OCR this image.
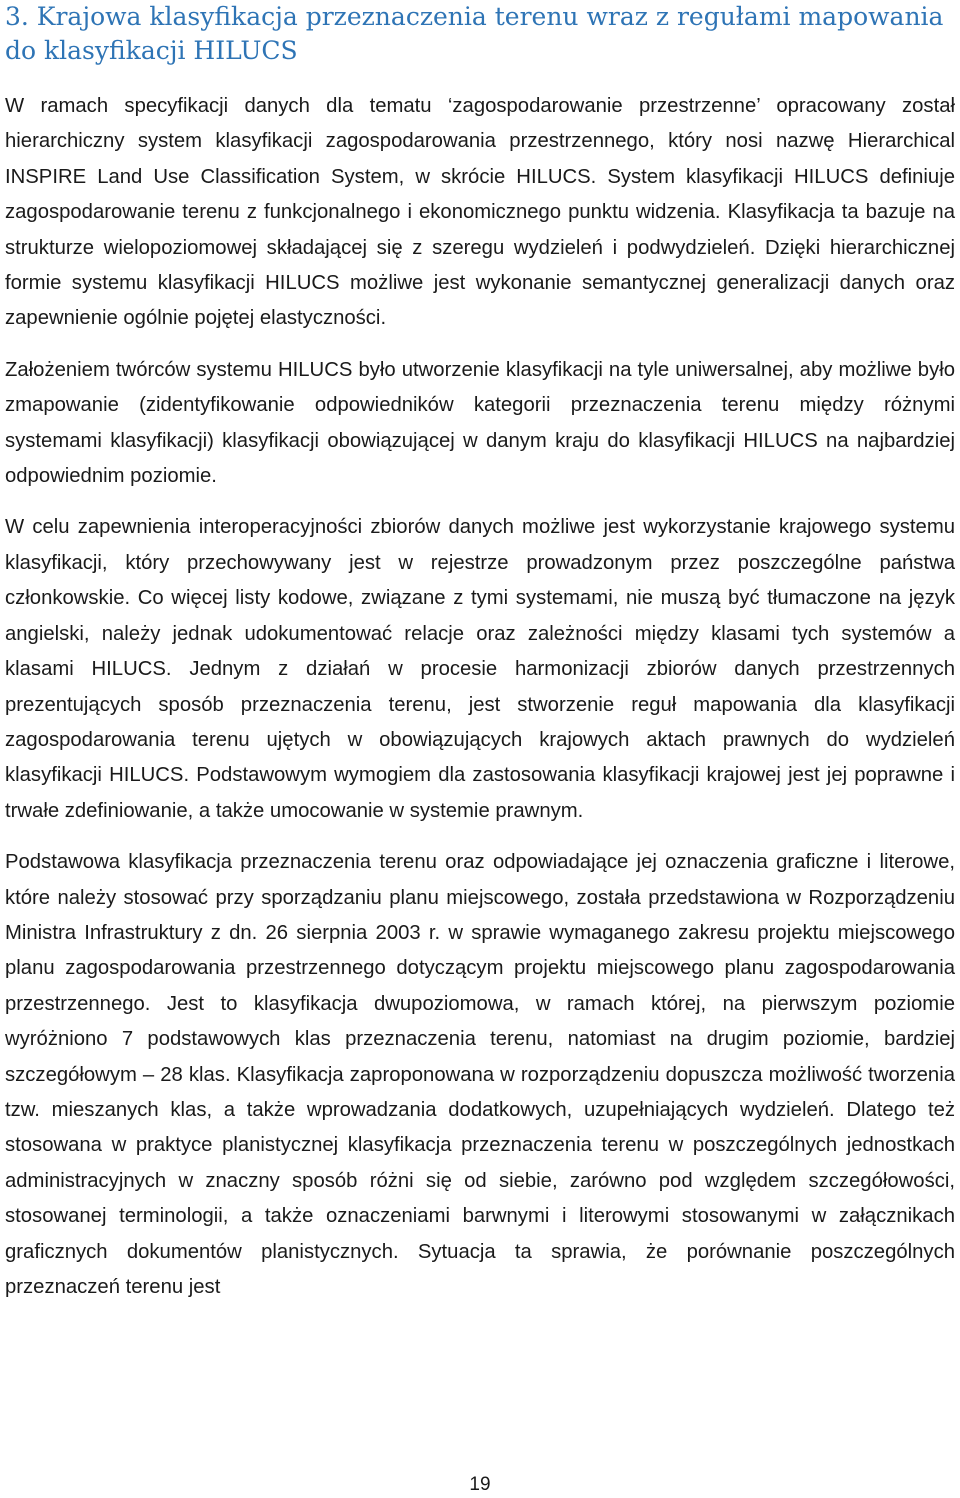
3. Krajowa klasyfikacja przeznaczenia terenu wraz z regułami mapowania do klasyfikacji HILUCS

W ramach specyfikacji danych dla tematu ‘zagospodarowanie przestrzenne’ opracowany został hierarchiczny system klasyfikacji zagospodarowania przestrzennego, który nosi nazwę Hierarchical INSPIRE Land Use Classification System, w skrócie HILUCS. System klasyfikacji HILUCS definiuje zagospodarowanie terenu z funkcjonalnego i ekonomicznego punktu widzenia. Klasyfikacja ta bazuje na strukturze wielopoziomowej składającej się z szeregu wydzieleń i podwydzieleń. Dzięki hierarchicznej formie systemu klasyfikacji HILUCS możliwe jest wykonanie semantycznej generalizacji danych oraz zapewnienie ogólnie pojętej elastyczności.

Założeniem twórców systemu HILUCS było utworzenie klasyfikacji na tyle uniwersalnej, aby możliwe było zmapowanie (zidentyfikowanie odpowiedników kategorii przeznaczenia terenu między różnymi systemami klasyfikacji) klasyfikacji obowiązującej w danym kraju do klasyfikacji HILUCS na najbardziej odpowiednim poziomie.

W celu zapewnienia interoperacyjności zbiorów danych możliwe jest wykorzystanie krajowego systemu klasyfikacji, który przechowywany jest w rejestrze prowadzonym przez poszczególne państwa członkowskie. Co więcej listy kodowe, związane z tymi systemami, nie muszą być tłumaczone na język angielski, należy jednak udokumentować relacje oraz zależności między klasami tych systemów a klasami HILUCS. Jednym z działań w procesie harmonizacji zbiorów danych przestrzennych prezentujących sposób przeznaczenia terenu, jest stworzenie reguł mapowania dla klasyfikacji zagospodarowania terenu ujętych w obowiązujących krajowych aktach prawnych do wydzieleń klasyfikacji HILUCS. Podstawowym wymogiem dla zastosowania klasyfikacji krajowej jest jej poprawne i trwałe zdefiniowanie, a także umocowanie w systemie prawnym.

Podstawowa klasyfikacja przeznaczenia terenu oraz odpowiadające jej oznaczenia graficzne i literowe, które należy stosować przy sporządzaniu planu miejscowego, została przedstawiona w Rozporządzeniu Ministra Infrastruktury z dn. 26 sierpnia 2003 r. w sprawie wymaganego zakresu projektu miejscowego planu zagospodarowania przestrzennego dotyczącym projektu miejscowego planu zagospodarowania przestrzennego. Jest to klasyfikacja dwupoziomowa, w ramach której, na pierwszym poziomie wyróżniono 7 podstawowych klas przeznaczenia terenu, natomiast na drugim poziomie, bardziej szczegółowym – 28 klas. Klasyfikacja zaproponowana w rozporządzeniu dopuszcza możliwość tworzenia tzw. mieszanych klas, a także wprowadzania dodatkowych, uzupełniających wydzieleń. Dlatego też stosowana w praktyce planistycznej klasyfikacja przeznaczenia terenu w poszczególnych jednostkach administracyjnych w znaczny sposób różni się od siebie, zarówno pod względem szczegółowości, stosowanej terminologii, a także oznaczeniami barwnymi i literowymi stosowanymi w załącznikach graficznych dokumentów planistycznych. Sytuacja ta sprawia, że porównanie poszczególnych przeznaczeń terenu jest

19
